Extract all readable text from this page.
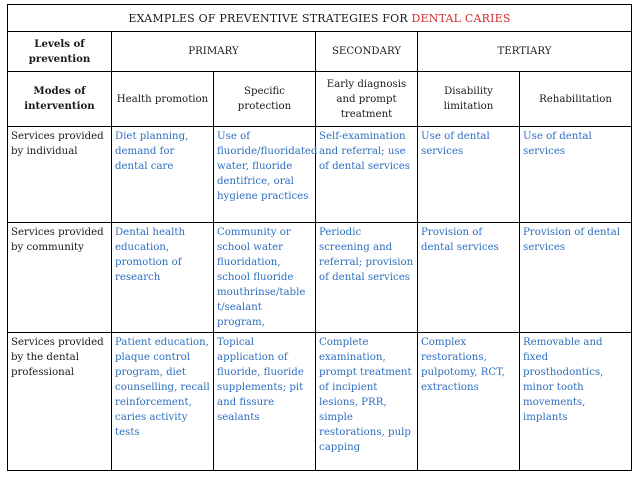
EXAMPLES OF PREVENTIVE STRATEGIES FOR DENTAL CARIES					
Levels of prevention	PRIMARY		SECONDARY	TERTIARY	
Modes of intervention	Health promotion	Specific protection	Early diagnosis and prompt treatment	Disability limitation	Rehabilitation
Services provided by individual	Diet planning, demand for dental care	Use of fluoride/fluoridated water, fluoride dentifrice, oral hygiene practices	Self-examination and referral; use of dental services	Use of dental services	Use of dental services
Services provided by community	Dental health education, promotion of research	Community or school water fluoridation, school fluoride mouthrinse/table t/sealant program,	Periodic screening and referral; provision of dental services	Provision of dental services	Provision of dental services
Services provided by the dental professional	Patient education, plaque control program, diet counselling, recall reinforcement, caries activity tests	Topical application of fluoride, fluoride supplements; pit and fissure sealants	Complete examination, prompt treatment of incipient lesions, PRR, simple restorations, pulp capping	Complex restorations, pulpotomy, RCT, extractions	Removable and fixed prosthodontics, minor tooth movements, implants
